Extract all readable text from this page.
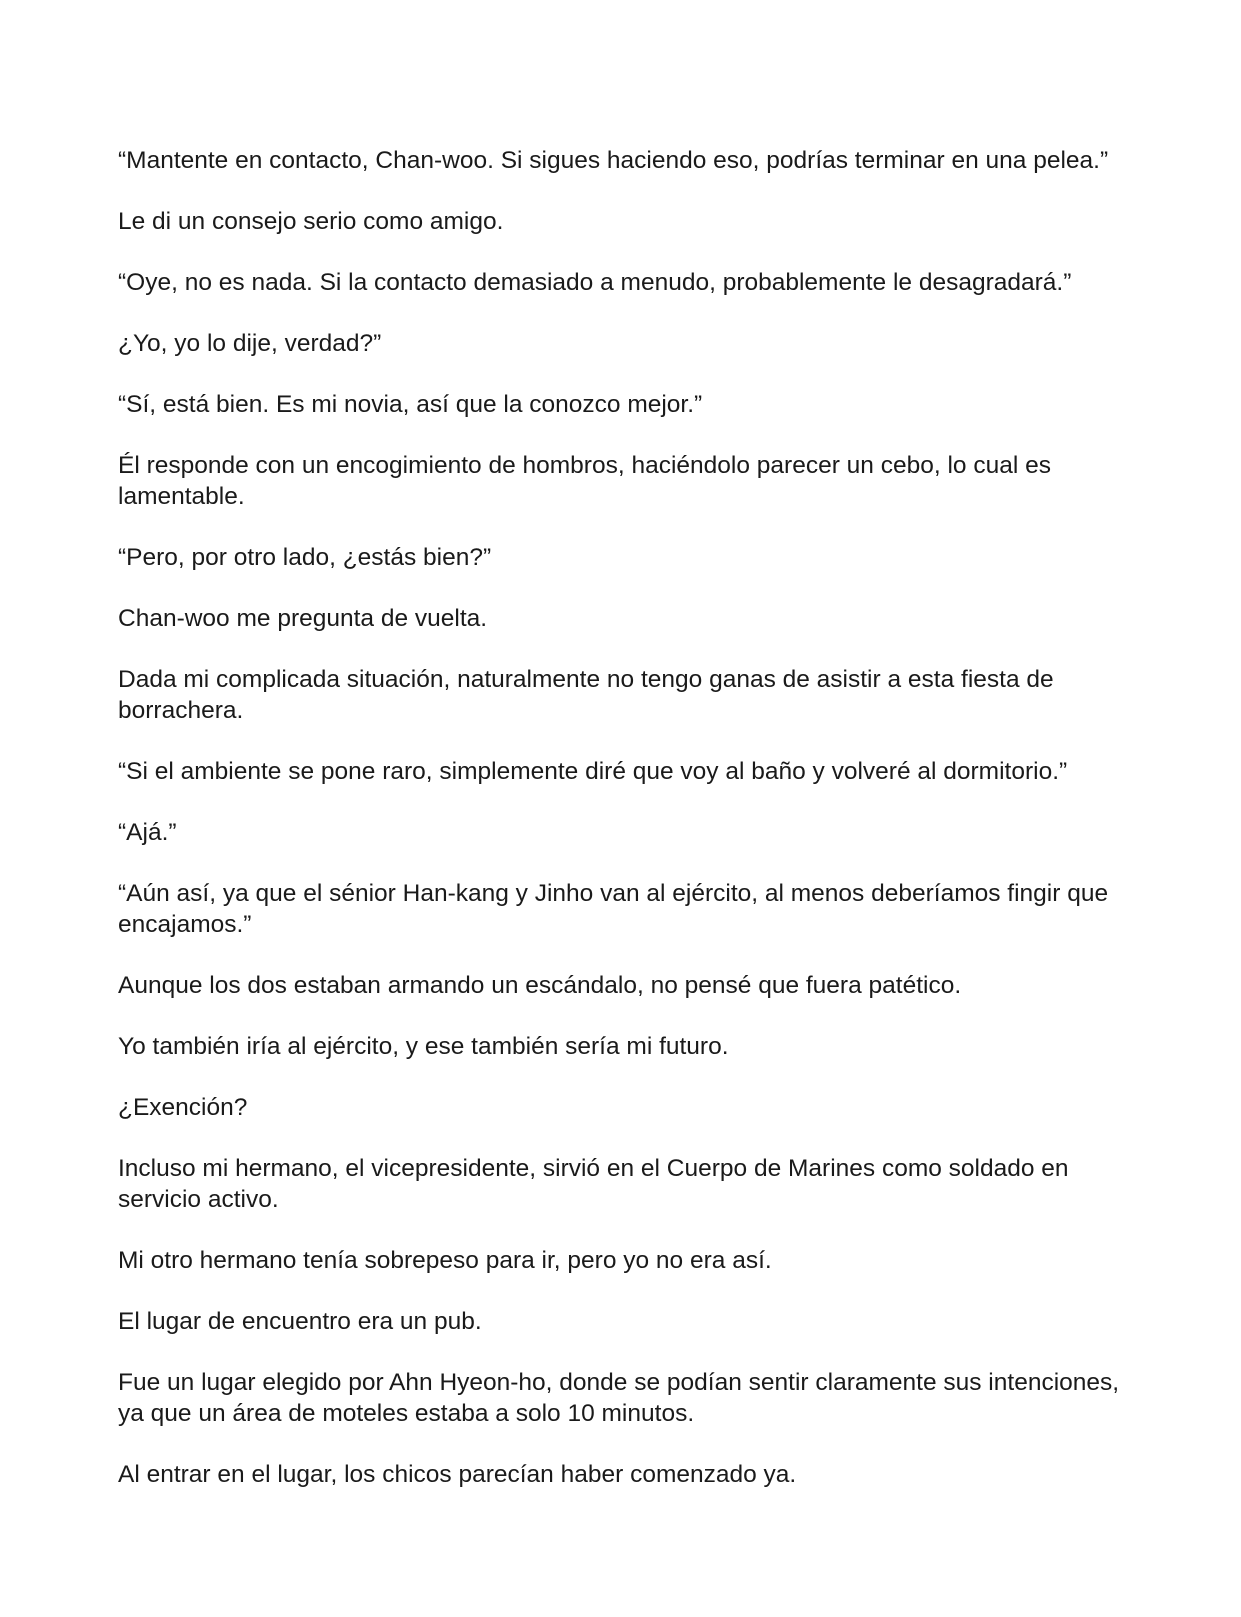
“Mantente en contacto, Chan-woo. Si sigues haciendo eso, podrías terminar en una pelea.”

Le di un consejo serio como amigo.

“Oye, no es nada. Si la contacto demasiado a menudo, probablemente le desagradará.”

¿Yo, yo lo dije, verdad?”

“Sí, está bien. Es mi novia, así que la conozco mejor.”

Él responde con un encogimiento de hombros, haciéndolo parecer un cebo, lo cual es lamentable.

“Pero, por otro lado, ¿estás bien?”

Chan-woo me pregunta de vuelta.

Dada mi complicada situación, naturalmente no tengo ganas de asistir a esta fiesta de borrachera.

“Si el ambiente se pone raro, simplemente diré que voy al baño y volveré al dormitorio.”

“Ajá.”

“Aún así, ya que el sénior Han-kang y Jinho van al ejército, al menos deberíamos fingir que encajamos.”

Aunque los dos estaban armando un escándalo, no pensé que fuera patético.

Yo también iría al ejército, y ese también sería mi futuro.

¿Exención?

Incluso mi hermano, el vicepresidente, sirvió en el Cuerpo de Marines como soldado en servicio activo.

Mi otro hermano tenía sobrepeso para ir, pero yo no era así.

El lugar de encuentro era un pub.

Fue un lugar elegido por Ahn Hyeon-ho, donde se podían sentir claramente sus intenciones, ya que un área de moteles estaba a solo 10 minutos.

Al entrar en el lugar, los chicos parecían haber comenzado ya.
